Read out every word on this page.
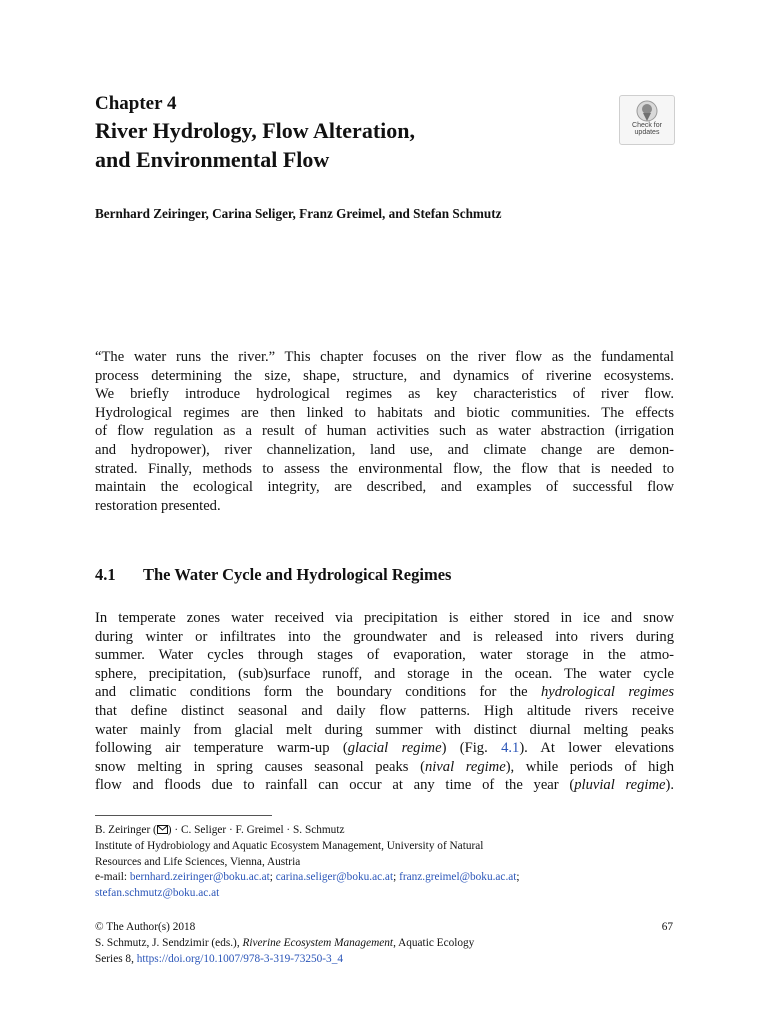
Chapter 4
River Hydrology, Flow Alteration,
and Environmental Flow
Check for
updates
Bernhard Zeiringer, Carina Seliger, Franz Greimel, and Stefan Schmutz
“The water runs the river.” This chapter focuses on the river flow as the fundamental
process determining the size, shape, structure, and dynamics of riverine ecosystems.
We briefly introduce hydrological regimes as key characteristics of river flow.
Hydrological regimes are then linked to habitats and biotic communities. The effects
of flow regulation as a result of human activities such as water abstraction (irrigation
and hydropower), river channelization, land use, and climate change are demon-
strated. Finally, methods to assess the environmental flow, the flow that is needed to
maintain the ecological integrity, are described, and examples of successful flow
restoration presented.
4.1 The Water Cycle and Hydrological Regimes
In temperate zones water received via precipitation is either stored in ice and snow
during winter or infiltrates into the groundwater and is released into rivers during
summer. Water cycles through stages of evaporation, water storage in the atmo-
sphere, precipitation, (sub)surface runoff, and storage in the ocean. The water cycle
and climatic conditions form the boundary conditions for the hydrological regimes
that define distinct seasonal and daily flow patterns. High altitude rivers receive
water mainly from glacial melt during summer with distinct diurnal melting peaks
following air temperature warm-up (glacial regime) (Fig. 4.1). At lower elevations
snow melting in spring causes seasonal peaks (nival regime), while periods of high
flow and floods due to rainfall can occur at any time of the year (pluvial regime).
B. Zeiringer ( ) · C. Seliger · F. Greimel · S. Schmutz
Institute of Hydrobiology and Aquatic Ecosystem Management, University of Natural
Resources and Life Sciences, Vienna, Austria
e-mail: bernhard.zeiringer@boku.ac.at; carina.seliger@boku.ac.at; franz.greimel@boku.ac.at;
stefan.schmutz@boku.ac.at
© The Author(s) 2018
S. Schmutz, J. Sendzimir (eds.), Riverine Ecosystem Management, Aquatic Ecology
Series 8, https://doi.org/10.1007/978-3-319-73250-3_4
67
